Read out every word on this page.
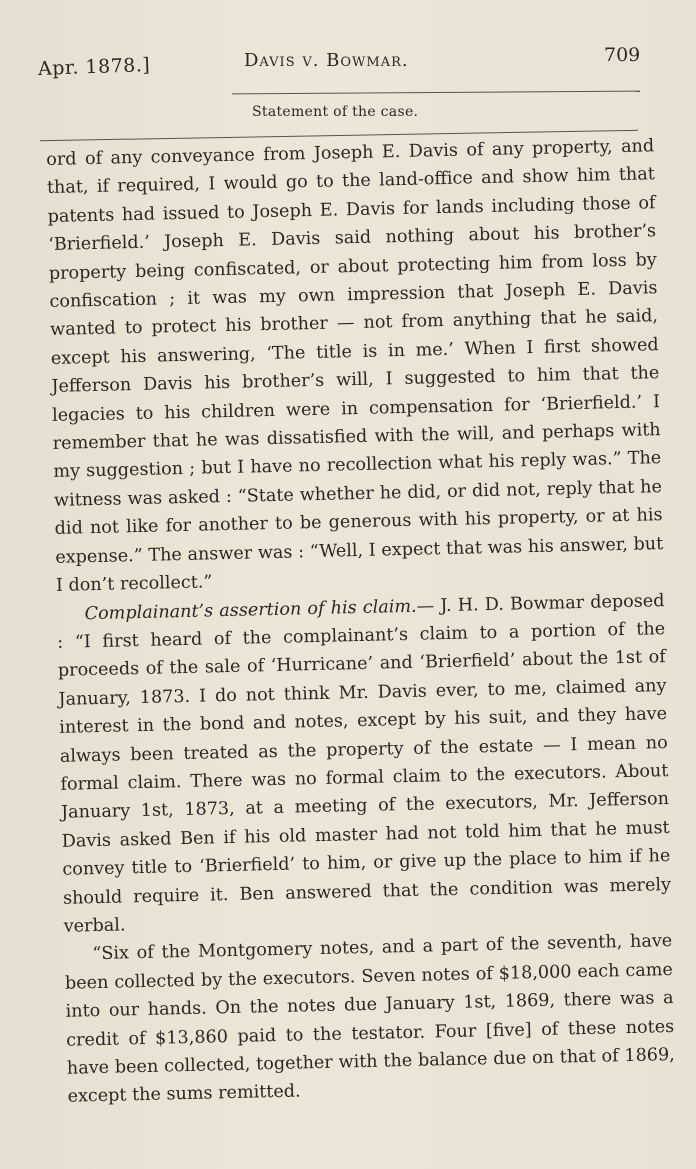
Apr. 1878.]	Davis v. Bowmar.	709
Statement of the case.

ord of any conveyance from Joseph E. Davis of any property, and that, if required, I would go to the land-office and show him that patents had issued to Joseph E. Davis for lands including those of ‘Brierfield.’ Joseph E. Davis said nothing about his brother’s property being confiscated, or about protecting him from loss by confiscation ; it was my own impression that Joseph E. Davis wanted to protect his brother — not from anything that he said, except his answering, ‘The title is in me.’ When I first showed Jefferson Davis his brother’s will, I suggested to him that the legacies to his children were in compensation for ‘Brierfield.’ I remember that he was dissatisfied with the will, and perhaps with my suggestion ; but I have no recollection what his reply was.” The witness was asked : “State whether he did, or did not, reply that he did not like for another to be generous with his property, or at his expense.” The answer was : “Well, I expect that was his answer, but I don’t recollect.”

Complainant’s assertion of his claim.— J. H. D. Bowmar deposed : “I first heard of the complainant’s claim to a portion of the proceeds of the sale of ‘Hurricane’ and ‘Brierfield’ about the 1st of January, 1873. I do not think Mr. Davis ever, to me, claimed any interest in the bond and notes, except by his suit, and they have always been treated as the property of the estate — I mean no formal claim. There was no formal claim to the executors. About January 1st, 1873, at a meeting of the executors, Mr. Jefferson Davis asked Ben if his old master had not told him that he must convey title to ‘Brierfield’ to him, or give up the place to him if he should require it. Ben answered that the condition was merely verbal.

“Six of the Montgomery notes, and a part of the seventh, have been collected by the executors. Seven notes of $18,000 each came into our hands. On the notes due January 1st, 1869, there was a credit of $13,860 paid to the testator. Four [five] of these notes have been collected, together with the balance due on that of 1869, except the sums remitted.
